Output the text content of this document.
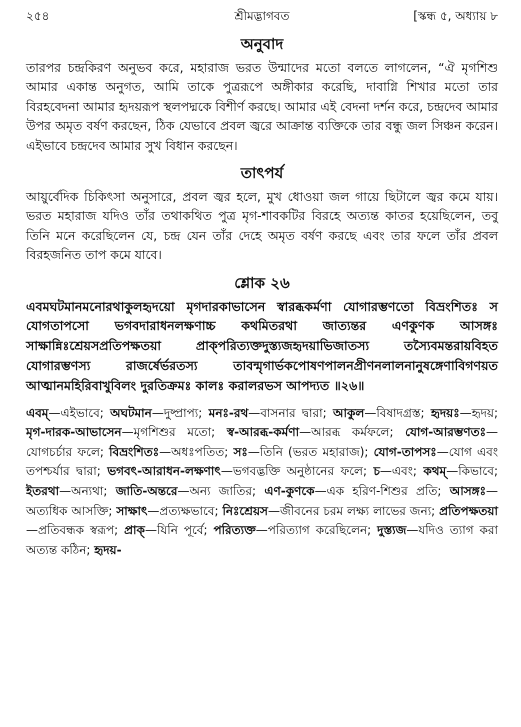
২৫৪	শ্রীমদ্ভাগবত	[স্কন্ধ ৫, অধ্যায় ৮
অনুবাদ

তারপর চন্দ্রকিরণ অনুভব করে, মহারাজ ভরত উন্মাদের মতো বলতে লাগলেন, “ঐ মৃগশিশু আমার একান্ত অনুগত, আমি তাকে পুত্ররূপে অঙ্গীকার করেছি, দাবাগ্নি শিখার মতো তার বিরহবেদনা আমার হৃদয়রূপ স্থলপদ্মকে বিশীর্ণ করছে। আমার এই বেদনা দর্শন করে, চন্দ্রদেব আমার উপর অমৃত বর্ষণ করছেন, ঠিক যেভাবে প্রবল জ্বরে আক্রান্ত ব্যক্তিকে তার বন্ধু জল সিঞ্চন করেন। এইভাবে চন্দ্রদেব আমার সুখ বিধান করছেন।

তাৎপর্য

আয়ুর্বেদিক চিকিৎসা অনুসারে, প্রবল জ্বর হলে, মুখ ধোওয়া জল গায়ে ছিটালে জ্বর কমে যায়। ভরত মহারাজ যদিও তাঁর তথাকথিত পুত্র মৃগ-শাবকটির বিরহে অত্যন্ত কাতর হয়েছিলেন, তবু তিনি মনে করেছিলেন যে, চন্দ্র যেন তাঁর দেহে অমৃত বর্ষণ করছে এবং তার ফলে তাঁর প্রবল বিরহজনিত তাপ কমে যাবে।

শ্লোক ২৬

এবমঘটমানমনোরথাকুলহৃদয়ো মৃগদারকাভাসেন স্বারব্ধকর্মণা যোগারম্ভণতো বিভ্রংশিতঃ স যোগতাপসো ভগবদারাধনলক্ষণাচ্চ কথমিতরথা জাত্যন্তর এণকুণক আসঙ্গঃ সাক্ষান্নিঃশ্রেয়সপ্রতিপক্ষতয়া প্রাক্‌পরিত্যক্তদুস্ত্যজহৃদয়াভিজাতস্য তস্যৈবমন্তরায়বিহত যোগারম্ভণস্য রাজর্ষের্ভরতস্য তাবন্মৃগার্ভকপোষণপালনপ্রীণনলালনানুষঙ্গেণাবিগণয়ত আত্মানমহিরিবাখুবিলং দুরতিক্রমঃ কালঃ করালরভস আপদ্যত ॥২৬॥

এবম্—এইভাবে; অঘটমান—দুষ্প্রাপ্য; মনঃ-রথ—বাসনার দ্বারা; আকুল—বিষাদগ্রস্ত; হৃদয়ঃ—হৃদয়; মৃগ-দারক-আভাসেন—মৃগশিশুর মতো; স্ব-আরব্ধ-কর্মণা—আরব্ধ কর্মফলে; যোগ-আরম্ভণতঃ—যোগচর্চার ফলে; বিভ্রংশিতঃ—অধঃপতিত; সঃ—তিনি (ভরত মহারাজ); যোগ-তাপসঃ—যোগ এবং তপশ্চর্যার দ্বারা; ভগবৎ-আরাধন-লক্ষণাৎ—ভগবদ্ভক্তি অনুষ্ঠানের ফলে; চ—এবং; কথম্—কিভাবে; ইতরথা—অন্যথা; জাতি-অন্তরে—অন্য জাতির; এণ-কুণকে—এক হরিণ-শিশুর প্রতি; আসঙ্গঃ—অত্যধিক আসক্তি; সাক্ষাৎ—প্রত্যক্ষভাবে; নিঃশ্রেয়স—জীবনের চরম লক্ষ্য লাভের জন্য; প্রতিপক্ষতয়া—প্রতিবন্ধক স্বরূপ; প্রাক্—যিনি পূর্বে; পরিত্যক্ত—পরিত্যাগ করেছিলেন; দুস্ত্যজ—যদিও ত্যাগ করা অত্যন্ত কঠিন; হৃদয়-
